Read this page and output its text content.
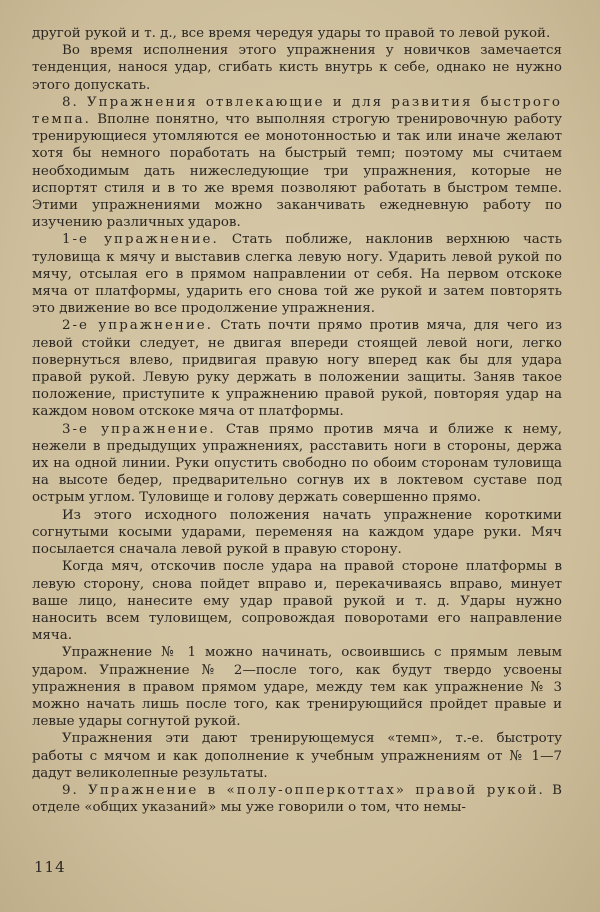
другой рукой и т. д., все время чередуя удары то правой то левой рукой.

Во время исполнения этого упражнения у новичков замечается тенденция, нанося удар, сгибать кисть внутрь к себе, однако не нужно этого допускать.

8. Упражнения отвлекающие и для развития быстрого темпа. Вполне понятно, что выполняя строгую тренировочную работу тренирующиеся утомляются ее монотонностью и так или иначе желают хотя бы немного поработать на быстрый темп; поэтому мы считаем необходимым дать нижеследующие три упражнения, которые не испортят стиля и в то же время позволяют работать в быстром темпе. Этими упражнениями можно заканчивать ежедневную работу по изучению различных ударов.

1-е упражнение. Стать поближе, наклонив верхнюю часть туловища к мячу и выставив слегка левую ногу. Ударить левой рукой по мячу, отсылая его в прямом направлении от себя. На первом отскоке мяча от платформы, ударить его снова той же рукой и затем повторять это движение во все продолжение упражнения.

2-е упражнение. Стать почти прямо против мяча, для чего из левой стойки следует, не двигая впереди стоящей левой ноги, легко повернуться влево, придвигая правую ногу вперед как бы для удара правой рукой. Левую руку держать в положении защиты. Заняв такое положение, приступите к упражнению правой рукой, повторяя удар на каждом новом отскоке мяча от платформы.

3-е упражнение. Став прямо против мяча и ближе к нему, нежели в предыдущих упражнениях, расставить ноги в стороны, держа их на одной линии. Руки опустить свободно по обоим сторонам туловища на высоте бедер, предварительно согнув их в локтевом суставе под острым углом. Туловище и голову держать совершенно прямо.

Из этого исходного положения начать упражнение короткими согнутыми косыми ударами, переменяя на каждом ударе руки. Мяч посылается сначала левой рукой в правую сторону.

Когда мяч, отскочив после удара на правой стороне платформы в левую сторону, снова пойдет вправо и, перекачиваясь вправо, минует ваше лицо, нанесите ему удар правой рукой и т. д. Удары нужно наносить всем туловищем, сопровождая поворотами его направление мяча.

Упражнение № 1 можно начинать, освоившись с прямым левым ударом. Упражнение № 2—после того, как будут твердо усвоены упражнения в правом прямом ударе, между тем как упражнение № 3 можно начать лишь после того, как тренирующийся пройдет правые и левые удары согнутой рукой.

Упражнения эти дают тренирующемуся «темп», т.-е. быстроту работы с мячом и как дополнение к учебным упражнениям от № 1—7 дадут великолепные результаты.

9. Упражнение в «полу-опперкоттах» правой рукой. В отделе «общих указаний» мы уже говорили о том, что немы-

114
